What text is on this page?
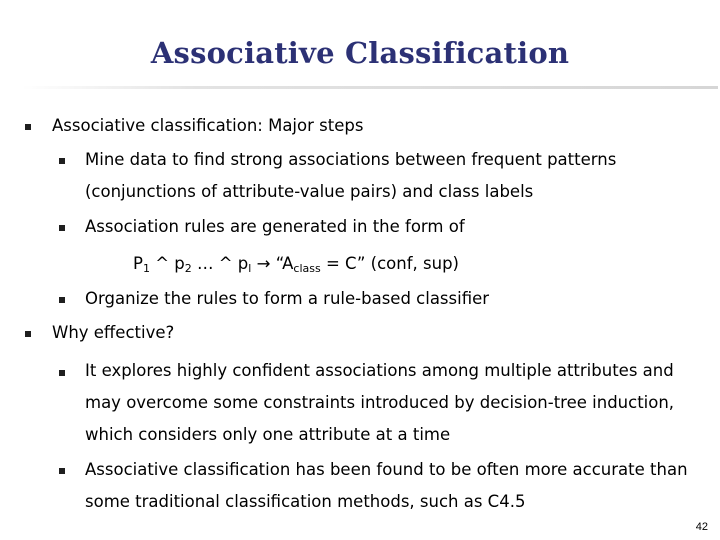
Associative Classification
Associative classification: Major steps
Mine data to find strong associations between frequent patterns
(conjunctions of attribute-value pairs) and class labels
Association rules are generated in the form of
$P_1$ ^ $p_2$ … ^ $p_l$ → “$A_{class} = C$” (conf, sup)
Organize the rules to form a rule-based classifier
Why effective?
It explores highly confident associations among multiple attributes and
may overcome some constraints introduced by decision-tree induction,
which considers only one attribute at a time
Associative classification has been found to be often more accurate than
some traditional classification methods, such as C4.5
42
